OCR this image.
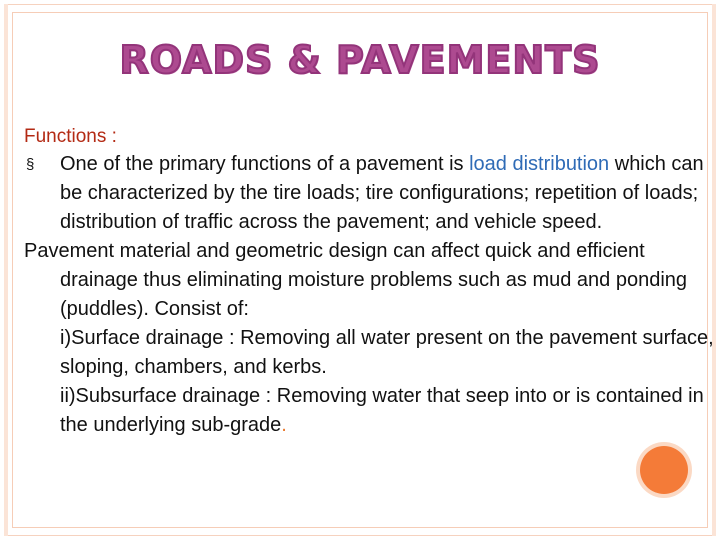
ROADS & PAVEMENTS
Functions :
§ One of the primary functions of a pavement is load distribution which can be characterized by the tire loads; tire configurations; repetition of loads; distribution of traffic across the pavement; and vehicle speed.
Pavement material and geometric design can affect quick and efficient drainage thus eliminating moisture problems such as mud and ponding (puddles). Consist of:
i)Surface drainage : Removing all water present on the pavement surface, sloping, chambers, and kerbs.
ii)Subsurface drainage : Removing water that seep into or is contained in the underlying sub-grade.
